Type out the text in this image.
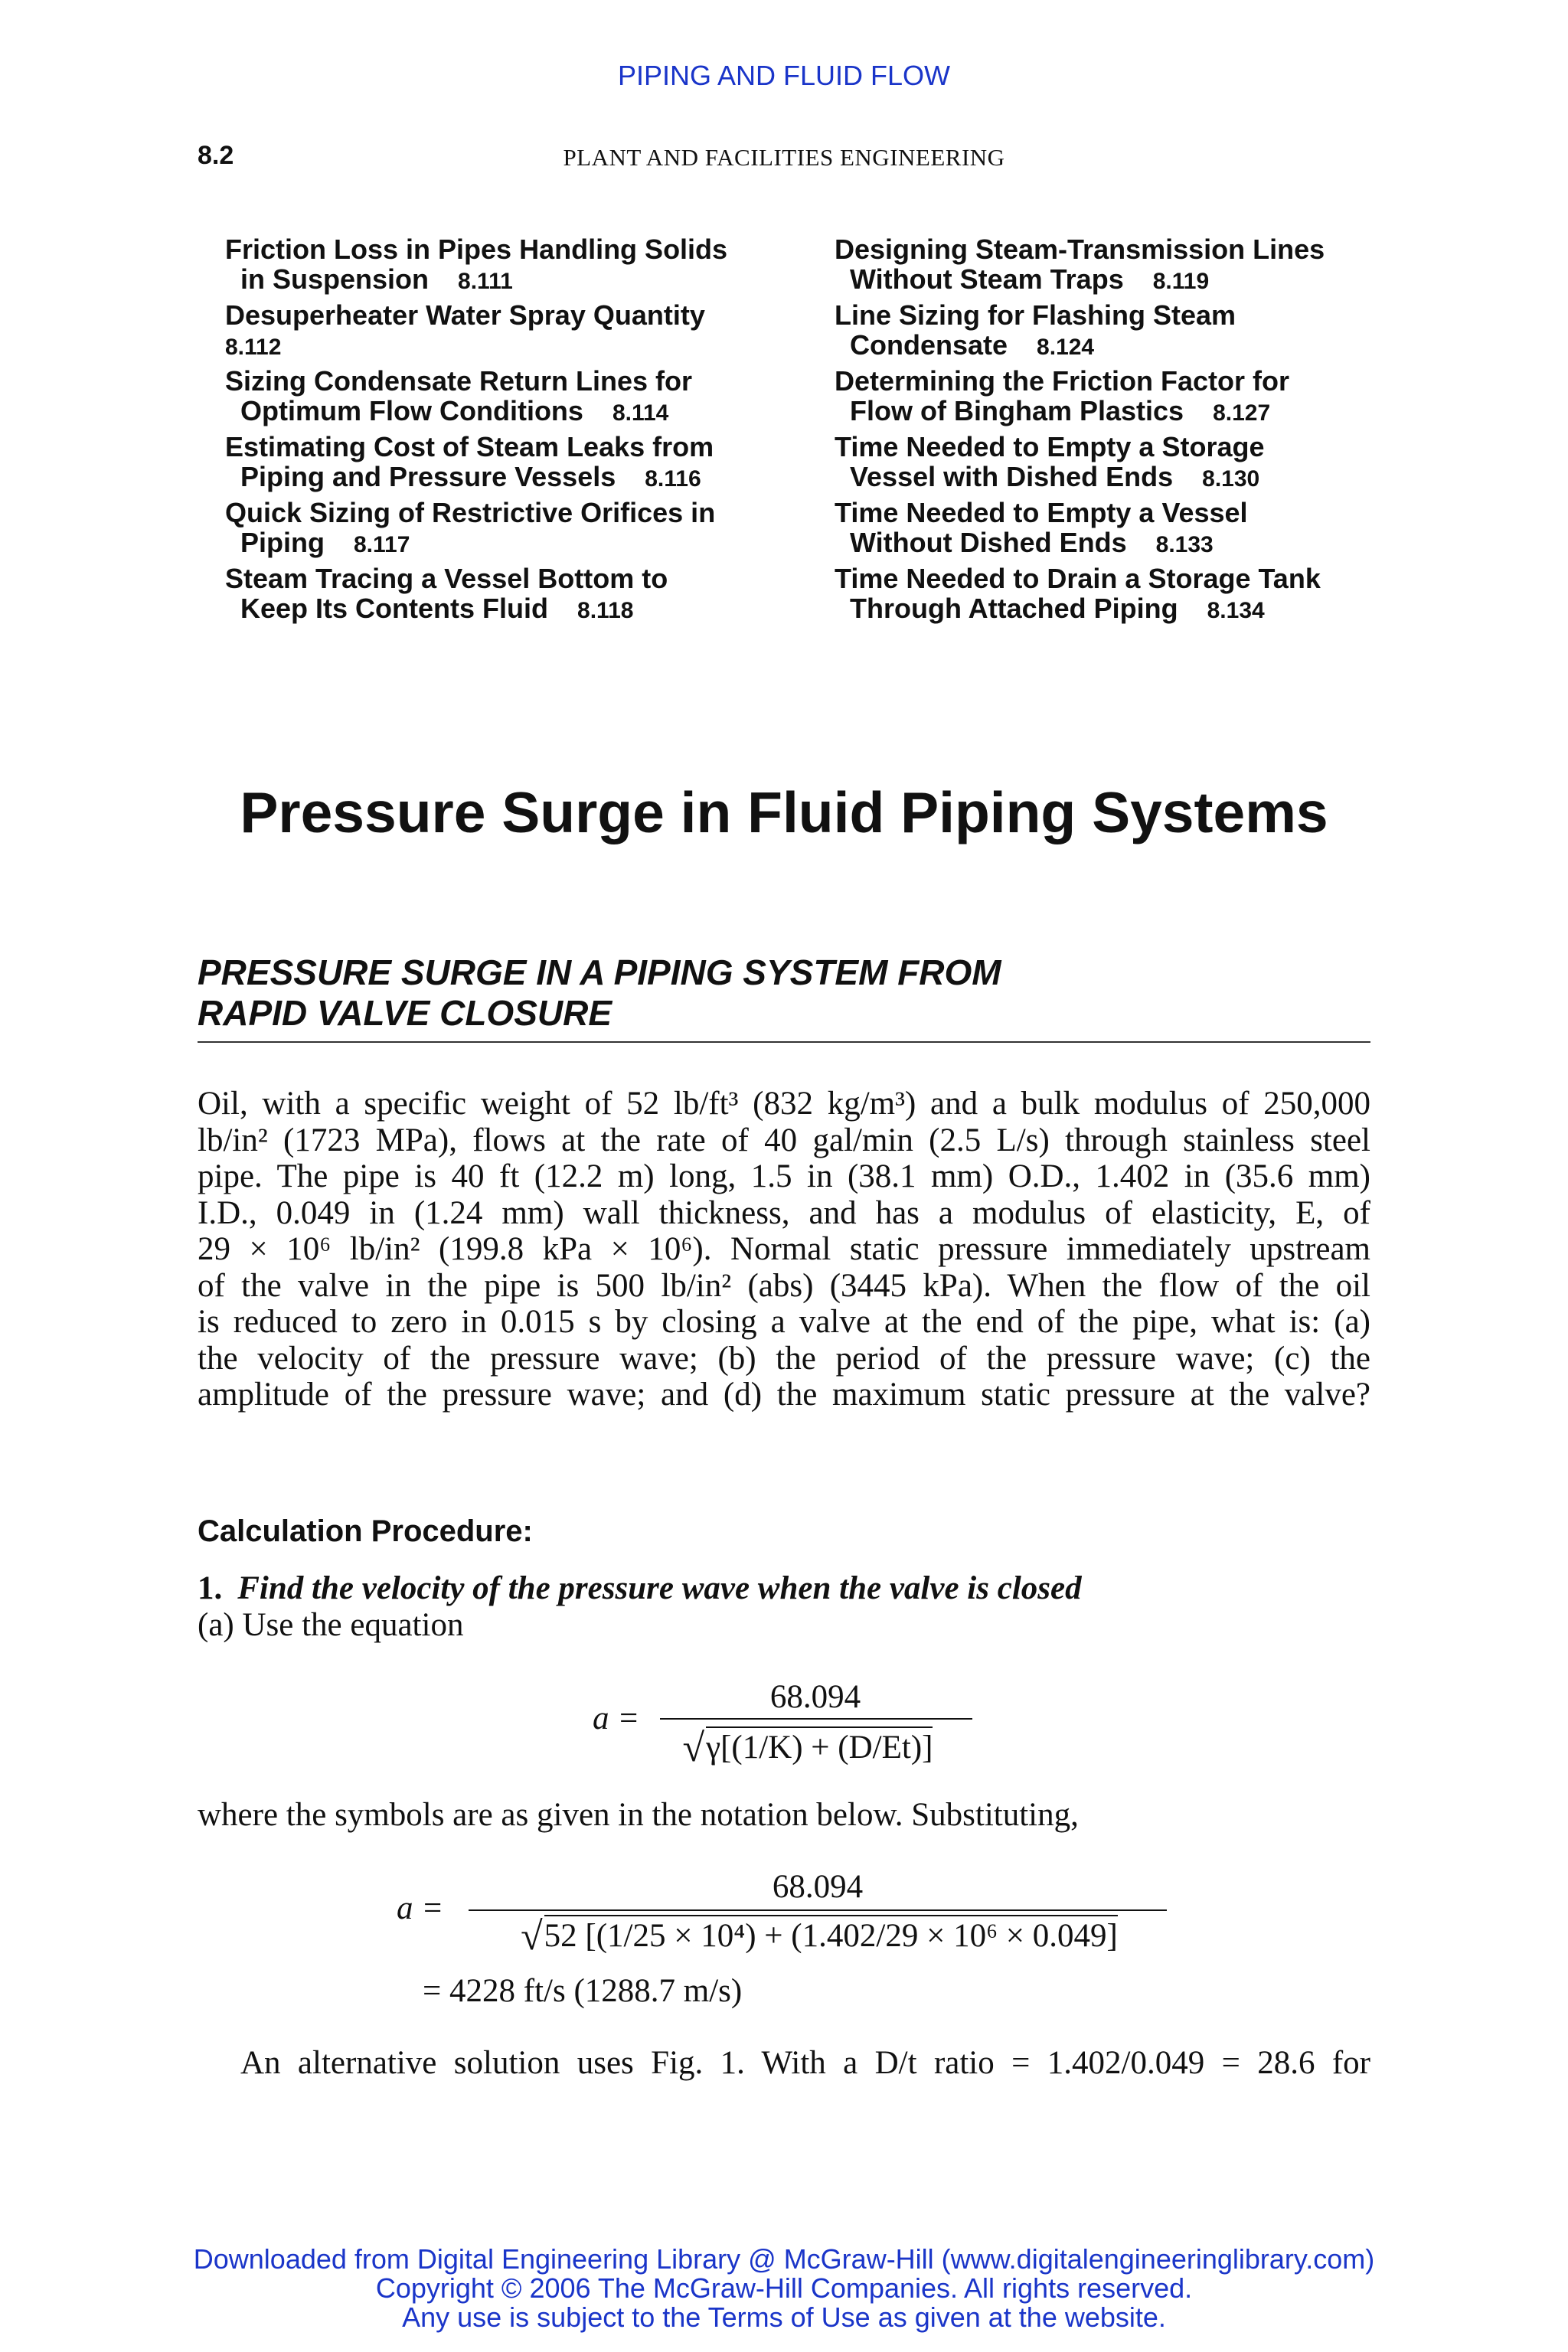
PIPING AND FLUID FLOW
8.2	PLANT AND FACILITIES ENGINEERING
Friction Loss in Pipes Handling Solids
in Suspension 8.111
Desuperheater Water Spray Quantity
8.112
Sizing Condensate Return Lines for
Optimum Flow Conditions 8.114
Estimating Cost of Steam Leaks from
Piping and Pressure Vessels 8.116
Quick Sizing of Restrictive Orifices in
Piping 8.117
Steam Tracing a Vessel Bottom to
Keep Its Contents Fluid 8.118
Designing Steam-Transmission Lines
Without Steam Traps 8.119
Line Sizing for Flashing Steam
Condensate 8.124
Determining the Friction Factor for
Flow of Bingham Plastics 8.127
Time Needed to Empty a Storage
Vessel with Dished Ends 8.130
Time Needed to Empty a Vessel
Without Dished Ends 8.133
Time Needed to Drain a Storage Tank
Through Attached Piping 8.134
Pressure Surge in Fluid Piping Systems
PRESSURE SURGE IN A PIPING SYSTEM FROM
RAPID VALVE CLOSURE
Oil, with a specific weight of 52 lb/ft³ (832 kg/m³) and a bulk modulus of 250,000
lb/in² (1723 MPa), flows at the rate of 40 gal/min (2.5 L/s) through stainless steel
pipe. The pipe is 40 ft (12.2 m) long, 1.5 in (38.1 mm) O.D., 1.402 in (35.6 mm)
I.D., 0.049 in (1.24 mm) wall thickness, and has a modulus of elasticity, E, of
29 × 10⁶ lb/in² (199.8 kPa × 10⁶). Normal static pressure immediately upstream
of the valve in the pipe is 500 lb/in² (abs) (3445 kPa). When the flow of the oil
is reduced to zero in 0.015 s by closing a valve at the end of the pipe, what is: (a)
the velocity of the pressure wave; (b) the period of the pressure wave; (c) the
amplitude of the pressure wave; and (d) the maximum static pressure at the valve?
Calculation Procedure:
1. Find the velocity of the pressure wave when the valve is closed
(a) Use the equation
a =
68.094
√γ[(1/K) + (D/Et)]
where the symbols are as given in the notation below. Substituting,
a =
68.094
√52 [(1/25 × 10⁴) + (1.402/29 × 10⁶ × 0.049]
= 4228 ft/s (1288.7 m/s)
An alternative solution uses Fig. 1. With a D/t ratio = 1.402/0.049 = 28.6 for
Downloaded from Digital Engineering Library @ McGraw-Hill (www.digitalengineeringlibrary.com)
Copyright © 2006 The McGraw-Hill Companies. All rights reserved.
Any use is subject to the Terms of Use as given at the website.
